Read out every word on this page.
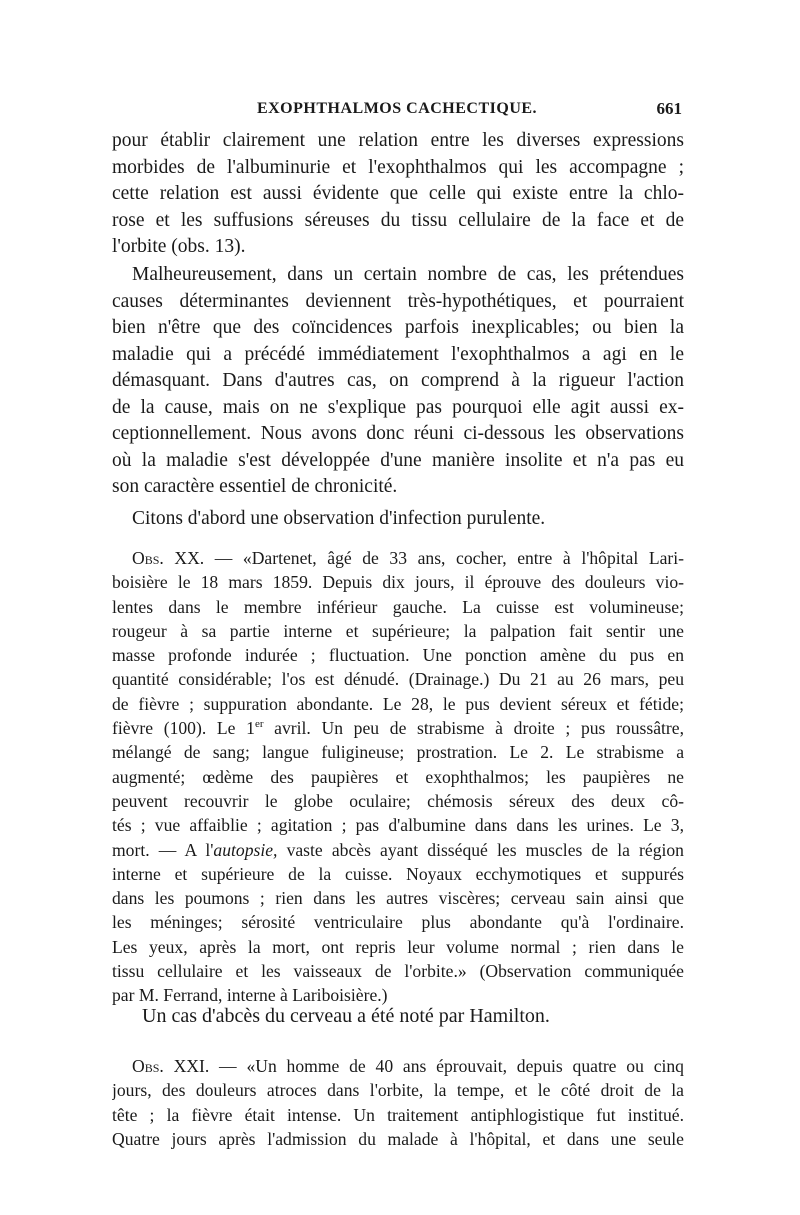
EXOPHTHALMOS CACHECTIQUE.	661
pour établir clairement une relation entre les diverses expressions
morbides de l'albuminurie et l'exophthalmos qui les accompagne ;
cette relation est aussi évidente que celle qui existe entre la chlo-
rose et les suffusions séreuses du tissu cellulaire de la face et de
l'orbite (obs. 13).
Malheureusement, dans un certain nombre de cas, les prétendues
causes déterminantes deviennent très-hypothétiques, et pourraient
bien n'être que des coïncidences parfois inexplicables; ou bien la
maladie qui a précédé immédiatement l'exophthalmos a agi en le
démasquant. Dans d'autres cas, on comprend à la rigueur l'action
de la cause, mais on ne s'explique pas pourquoi elle agit aussi ex-
ceptionnellement. Nous avons donc réuni ci-dessous les observations
où la maladie s'est développée d'une manière insolite et n'a pas eu
son caractère essentiel de chronicité.
Citons d'abord une observation d'infection purulente.
Obs. XX. — «Dartenet, âgé de 33 ans, cocher, entre à l'hôpital Lari-
boisière le 18 mars 1859. Depuis dix jours, il éprouve des douleurs vio-
lentes dans le membre inférieur gauche. La cuisse est volumineuse;
rougeur à sa partie interne et supérieure; la palpation fait sentir une
masse profonde indurée ; fluctuation. Une ponction amène du pus en
quantité considérable; l'os est dénudé. (Drainage.) Du 21 au 26 mars, peu
de fièvre ; suppuration abondante. Le 28, le pus devient séreux et fétide;
fièvre (100). Le 1er avril. Un peu de strabisme à droite ; pus roussâtre,
mélangé de sang; langue fuligineuse; prostration. Le 2. Le strabisme a
augmenté; œdème des paupières et exophthalmos; les paupières ne
peuvent recouvrir le globe oculaire; chémosis séreux des deux cô-
tés ; vue affaiblie ; agitation ; pas d'albumine dans dans les urines. Le 3,
mort. — A l'autopsie, vaste abcès ayant disséqué les muscles de la région
interne et supérieure de la cuisse. Noyaux ecchymotiques et suppurés
dans les poumons ; rien dans les autres viscères; cerveau sain ainsi que
les méninges; sérosité ventriculaire plus abondante qu'à l'ordinaire.
Les yeux, après la mort, ont repris leur volume normal ; rien dans le
tissu cellulaire et les vaisseaux de l'orbite.» (Observation communiquée
par M. Ferrand, interne à Lariboisière.)
Un cas d'abcès du cerveau a été noté par Hamilton.
Obs. XXI. — «Un homme de 40 ans éprouvait, depuis quatre ou cinq
jours, des douleurs atroces dans l'orbite, la tempe, et le côté droit de la
tête ; la fièvre était intense. Un traitement antiphlogistique fut institué.
Quatre jours après l'admission du malade à l'hôpital, et dans une seule
